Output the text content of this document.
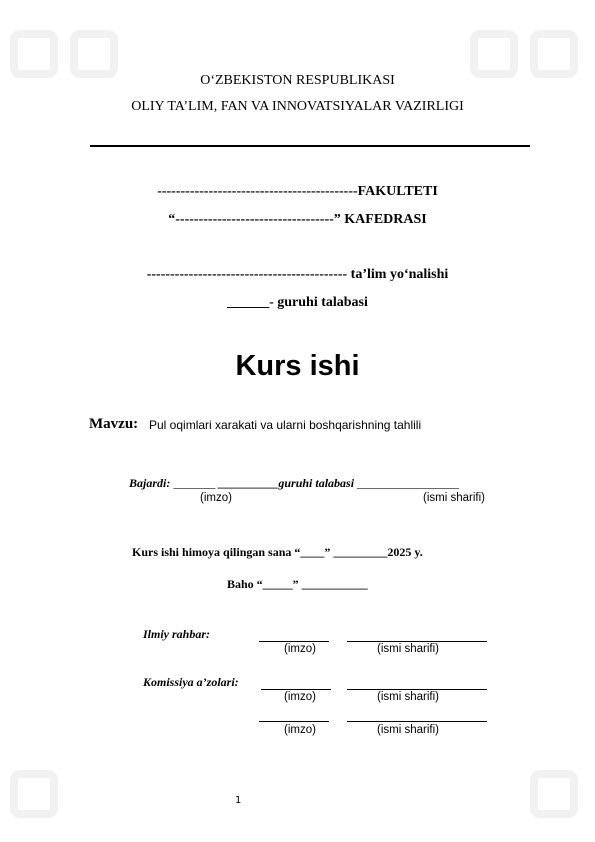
O‘ZBEKISTON RESPUBLIKASI
OLIY TA’LIM, FAN VA INNOVATSIYALAR VAZIRLIGI
-------------------------------------------FAKULTETI
“----------------------------------” KAFEDRASI
------------------------------------------- ta’lim yo‘nalishi
______- guruhi talabasi
Kurs ishi
Mavzu: Pul oqimlari xarakati va ularni boshqarishning tahlili
Bajardi: _______ __________guruhi talabasi _________________
(imzo)	(ismi sharifi)
Kurs ishi himoya qilingan sana “____” _________2025 y.
Baho “_____” ___________
Ilmiy rahbar:
(imzo)	(ismi sharifi)
Komissiya a’zolari:
(imzo)	(ismi sharifi)
(imzo)	(ismi sharifi)
1
